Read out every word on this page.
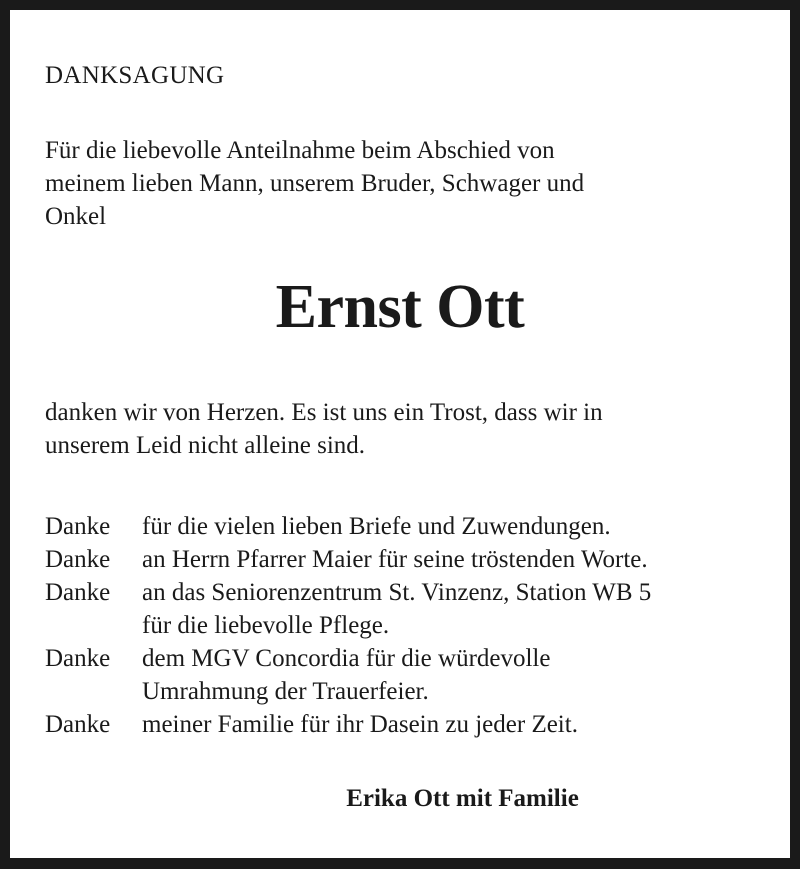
DANKSAGUNG
Für die liebevolle Anteilnahme beim Abschied von
meinem lieben Mann, unserem Bruder, Schwager und
Onkel
Ernst Ott
danken wir von Herzen. Es ist uns ein Trost, dass wir in
unserem Leid nicht alleine sind.
Danke	für die vielen lieben Briefe und Zuwendungen.
Danke	an Herrn Pfarrer Maier für seine tröstenden Worte.
Danke	an das Seniorenzentrum St. Vinzenz, Station WB 5
für die liebevolle Pflege.
Danke	dem MGV Concordia für die würdevolle
Umrahmung der Trauerfeier.
Danke	meiner Familie für ihr Dasein zu jeder Zeit.
Erika Ott mit Familie
